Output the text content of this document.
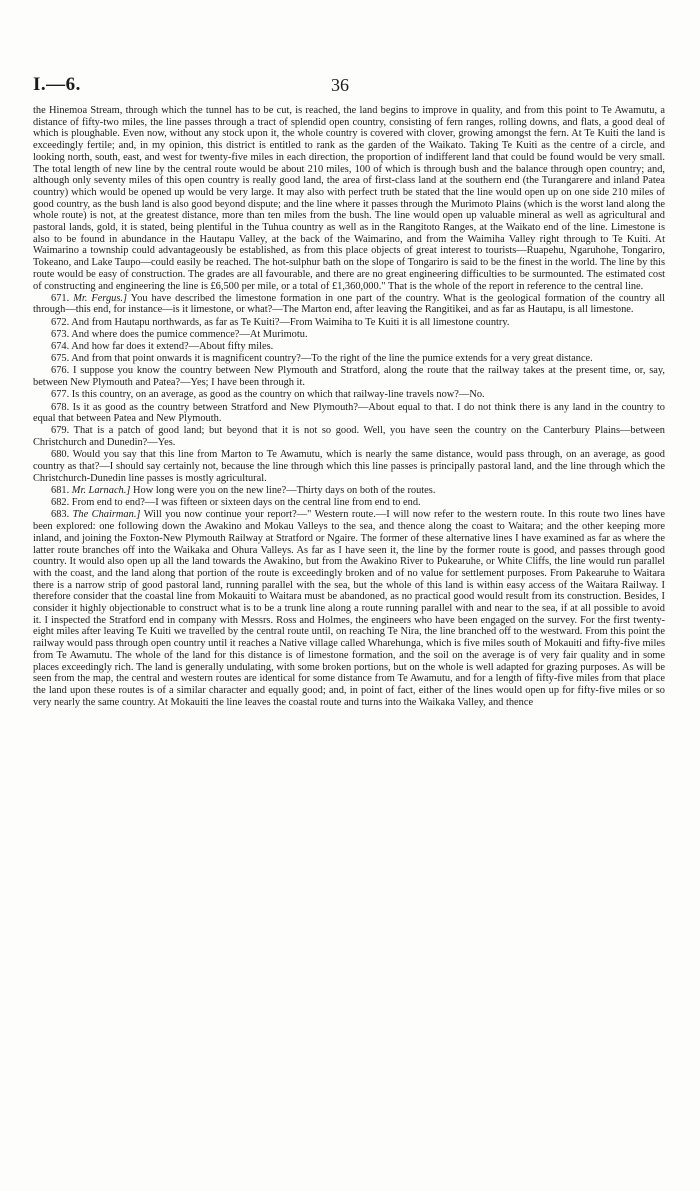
I.—6.	36

the Hinemoa Stream, through which the tunnel has to be cut, is reached, the land begins to improve in quality, and from this point to Te Awamutu, a distance of fifty-two miles, the line passes through a tract of splendid open country, consisting of fern ranges, rolling downs, and flats, a good deal of which is ploughable. Even now, without any stock upon it, the whole country is covered with clover, growing amongst the fern. At Te Kuiti the land is exceedingly fertile; and, in my opinion, this district is entitled to rank as the garden of the Waikato. Taking Te Kuiti as the centre of a circle, and looking north, south, east, and west for twenty-five miles in each direction, the proportion of indifferent land that could be found would be very small. The total length of new line by the central route would be about 210 miles, 100 of which is through bush and the balance through open country; and, although only seventy miles of this open country is really good land, the area of first-class land at the southern end (the Turangarere and inland Patea country) which would be opened up would be very large. It may also with perfect truth be stated that the line would open up on one side 210 miles of good country, as the bush land is also good beyond dispute; and the line where it passes through the Murimoto Plains (which is the worst land along the whole route) is not, at the greatest distance, more than ten miles from the bush. The line would open up valuable mineral as well as agricultural and pastoral lands, gold, it is stated, being plentiful in the Tuhua country as well as in the Rangitoto Ranges, at the Waikato end of the line. Limestone is also to be found in abundance in the Hautapu Valley, at the back of the Waimarino, and from the Waimiha Valley right through to Te Kuiti. At Waimarino a township could advantageously be established, as from this place objects of great interest to tourists—Ruapehu, Ngaruhohe, Tongariro, Tokeano, and Lake Taupo—could easily be reached. The hot-sulphur bath on the slope of Tongariro is said to be the finest in the world. The line by this route would be easy of construction. The grades are all favourable, and there are no great engineering difficulties to be surmounted. The estimated cost of constructing and engineering the line is £6,500 per mile, or a total of £1,360,000." That is the whole of the report in reference to the central line.

671. Mr. Fergus.] You have described the limestone formation in one part of the country. What is the geological formation of the country all through—this end, for instance—is it limestone, or what?—The Marton end, after leaving the Rangitikei, and as far as Hautapu, is all limestone.

672. And from Hautapu northwards, as far as Te Kuiti?—From Waimiha to Te Kuiti it is all limestone country.

673. And where does the pumice commence?—At Murimotu.

674. And how far does it extend?—About fifty miles.

675. And from that point onwards it is magnificent country?—To the right of the line the pumice extends for a very great distance.

676. I suppose you know the country between New Plymouth and Stratford, along the route that the railway takes at the present time, or, say, between New Plymouth and Patea?—Yes; I have been through it.

677. Is this country, on an average, as good as the country on which that railway-line travels now?—No.

678. Is it as good as the country between Stratford and New Plymouth?—About equal to that. I do not think there is any land in the country to equal that between Patea and New Plymouth.

679. That is a patch of good land; but beyond that it is not so good. Well, you have seen the country on the Canterbury Plains—between Christchurch and Dunedin?—Yes.

680. Would you say that this line from Marton to Te Awamutu, which is nearly the same distance, would pass through, on an average, as good country as that?—I should say certainly not, because the line through which this line passes is principally pastoral land, and the line through which the Christchurch-Dunedin line passes is mostly agricultural.

681. Mr. Larnach.] How long were you on the new line?—Thirty days on both of the routes.

682. From end to end?—I was fifteen or sixteen days on the central line from end to end.

683. The Chairman.] Will you now continue your report?—" Western route.—I will now refer to the western route. In this route two lines have been explored: one following down the Awakino and Mokau Valleys to the sea, and thence along the coast to Waitara; and the other keeping more inland, and joining the Foxton-New Plymouth Railway at Stratford or Ngaire. The former of these alternative lines I have examined as far as where the latter route branches off into the Waikaka and Ohura Valleys. As far as I have seen it, the line by the former route is good, and passes through good country. It would also open up all the land towards the Awakino, but from the Awakino River to Pukearuhe, or White Cliffs, the line would run parallel with the coast, and the land along that portion of the route is exceedingly broken and of no value for settlement purposes. From Pakearuhe to Waitara there is a narrow strip of good pastoral land, running parallel with the sea, but the whole of this land is within easy access of the Waitara Railway. I therefore consider that the coastal line from Mokauiti to Waitara must be abandoned, as no practical good would result from its construction. Besides, I consider it highly objectionable to construct what is to be a trunk line along a route running parallel with and near to the sea, if at all possible to avoid it. I inspected the Stratford end in company with Messrs. Ross and Holmes, the engineers who have been engaged on the survey. For the first twenty-eight miles after leaving Te Kuiti we travelled by the central route until, on reaching Te Nira, the line branched off to the westward. From this point the railway would pass through open country until it reaches a Native village called Wharehunga, which is five miles south of Mokauiti and fifty-five miles from Te Awamutu. The whole of the land for this distance is of limestone formation, and the soil on the average is of very fair quality and in some places exceedingly rich. The land is generally undulating, with some broken portions, but on the whole is well adapted for grazing purposes. As will be seen from the map, the central and western routes are identical for some distance from Te Awamutu, and for a length of fifty-five miles from that place the land upon these routes is of a similar character and equally good; and, in point of fact, either of the lines would open up for fifty-five miles or so very nearly the same country. At Mokauiti the line leaves the coastal route and turns into the Waikaka Valley, and thence
